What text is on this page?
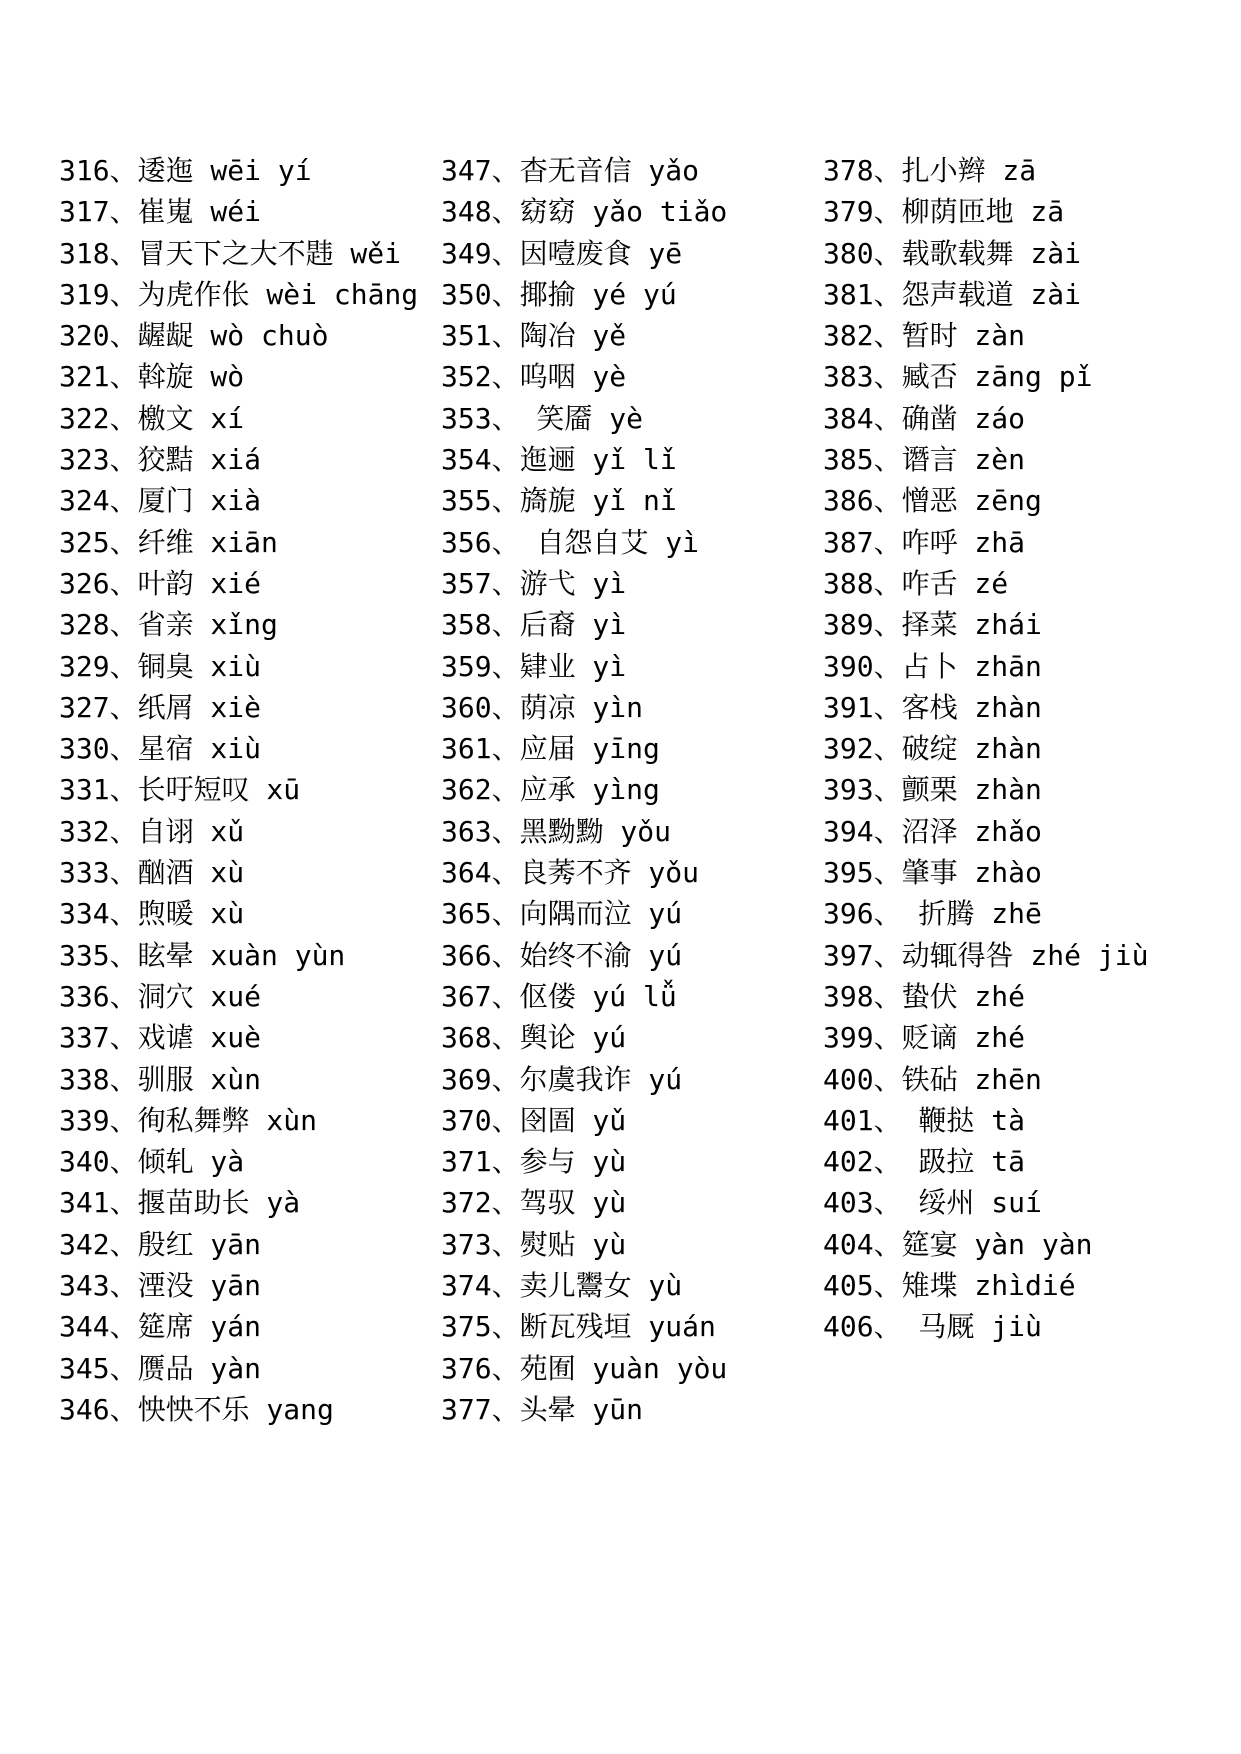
316、逶迤 wēi yí
317、崔嵬 wéi
318、冒天下之大不韪 wěi
319、为虎作伥 wèi chāng
320、龌龊 wò chuò
321、斡旋 wò
322、檄文 xí
323、狡黠 xiá
324、厦门 xià
325、纤维 xiān
326、叶韵 xié
328、省亲 xǐng
329、铜臭 xiù
327、纸屑 xiè
330、星宿 xiù
331、长吁短叹 xū
332、自诩 xǔ
333、酗酒 xù
334、煦暖 xù
335、眩晕 xuàn yùn
336、洞穴 xué
337、戏谑 xuè
338、驯服 xùn
339、徇私舞弊 xùn
340、倾轧 yà
341、揠苗助长 yà
342、殷红 yān
343、湮没 yān
344、筵席 yán
345、赝品 yàn
346、怏怏不乐 yang
347、杳无音信 yǎo
348、窈窈 yǎo tiǎo
349、因噎废食 yē
350、揶揄 yé yú
351、陶冶 yě
352、呜咽 yè
353、 笑靥 yè
354、迤逦 yǐ lǐ
355、旖旎 yǐ nǐ
356、 自怨自艾 yì
357、游弋 yì
358、后裔 yì
359、肄业 yì
360、荫凉 yìn
361、应届 yīng
362、应承 yìng
363、黑黝黝 yǒu
364、良莠不齐 yǒu
365、向隅而泣 yú
366、始终不渝 yú
367、伛偻 yú lǚ
368、舆论 yú
369、尔虞我诈 yú
370、囹圄 yǔ
371、参与 yù
372、驾驭 yù
373、熨贴 yù
374、卖儿鬻女 yù
375、断瓦残垣 yuán
376、苑囿 yuàn yòu
377、头晕 yūn
378、扎小辫 zā
379、柳荫匝地 zā
380、载歌载舞 zài
381、怨声载道 zài
382、暂时 zàn
383、臧否 zāng pǐ
384、确凿 záo
385、谮言 zèn
386、憎恶 zēng
387、咋呼 zhā
388、咋舌 zé
389、择菜 zhái
390、占卜 zhān
391、客栈 zhàn
392、破绽 zhàn
393、颤栗 zhàn
394、沼泽 zhǎo
395、肇事 zhào
396、 折腾 zhē
397、动辄得咎 zhé jiù
398、蛰伏 zhé
399、贬谪 zhé
400、铁砧 zhēn
401、 鞭挞 tà
402、 趿拉 tā
403、 绥州 suí
404、筵宴 yàn yàn
405、雉堞 zhìdié
406、 马厩 jiù
